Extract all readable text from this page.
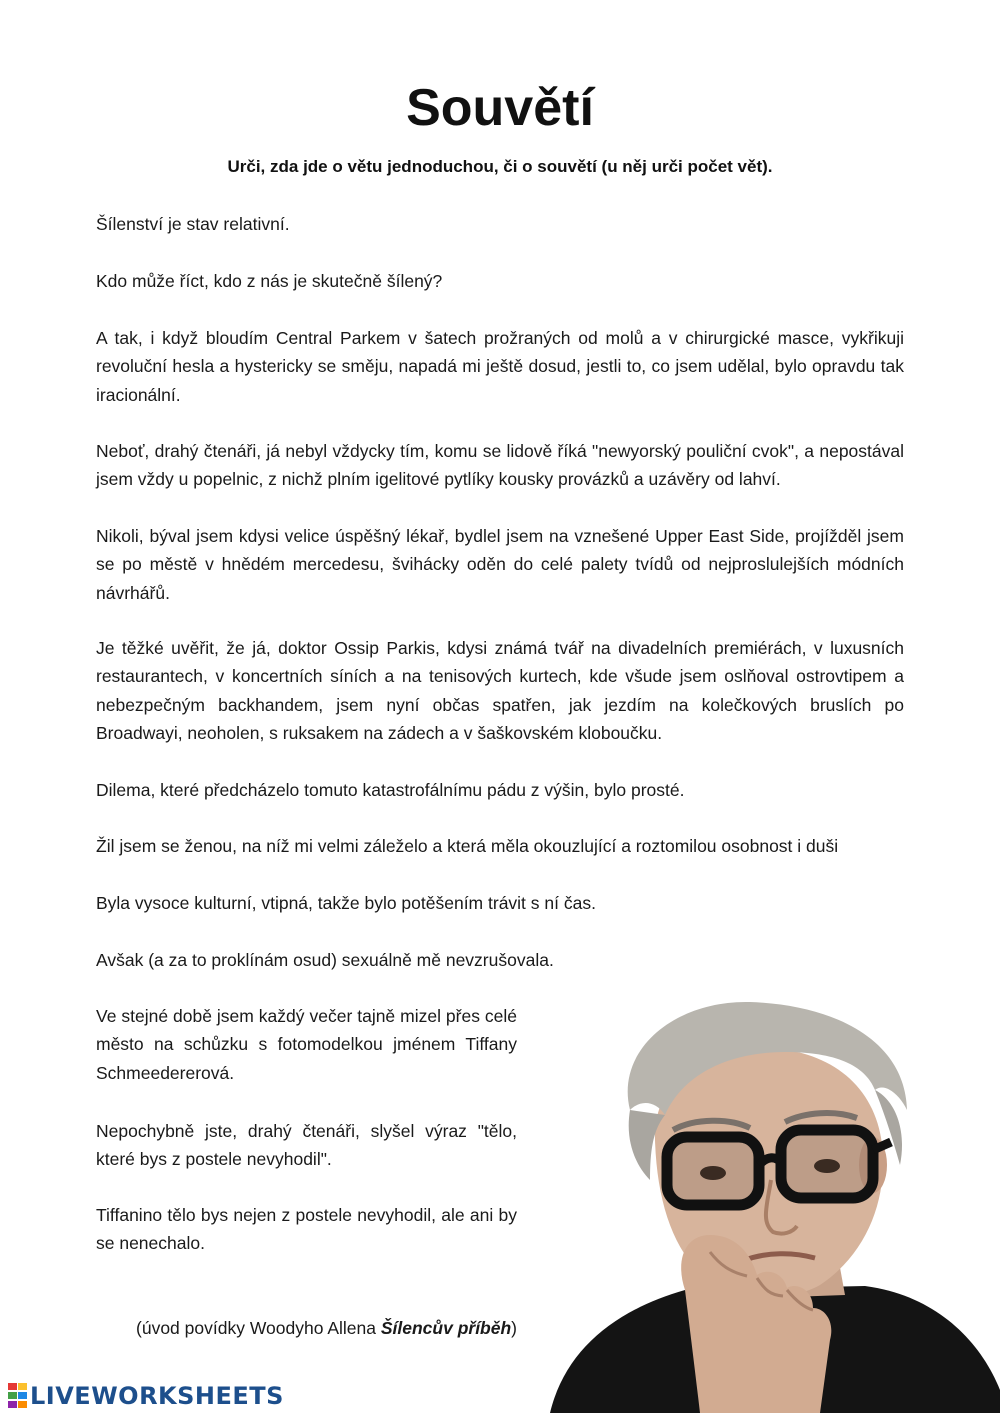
Souvětí
Urči, zda jde o větu jednoduchou, či o souvětí (u něj urči počet vět).

Šílenství je stav relativní.

Kdo může říct, kdo z nás je skutečně šílený?

A tak, i když bloudím Central Parkem v šatech prožraných od molů a v chirurgické masce, vykřikuji revoluční hesla a hystericky se směju, napadá mi ještě dosud, jestli to, co jsem udělal, bylo opravdu tak iracionální.

Neboť, drahý čtenáři, já nebyl vždycky tím, komu se lidově říká "newyorský pouliční cvok", a nepostával jsem vždy u popelnic, z nichž plním igelitové pytlíky kousky provázků a uzávěry od lahví.

Nikoli, býval jsem kdysi velice úspěšný lékař, bydlel jsem na vznešené Upper East Side, projížděl jsem se po městě v hnědém mercedesu, švihácky oděn do celé palety tvídů od nejproslulejších módních návrhářů.

Je těžké uvěřit, že já, doktor Ossip Parkis, kdysi známá tvář na divadelních premiérách, v luxusních restaurantech, v koncertních síních a na tenisových kurtech, kde všude jsem oslňoval ostrovtipem a nebezpečným backhandem, jsem nyní občas spatřen, jak jezdím na kolečkových bruslích po Broadwayi, neoholen, s ruksakem na zádech a v šaškovském kloboučku.

Dilema, které předcházelo tomuto katastrofálnímu pádu z výšin, bylo prosté.

Žil jsem se ženou, na níž mi velmi záleželo a která měla okouzlující a roztomilou osobnost i duši

Byla vysoce kulturní, vtipná, takže bylo potěšením trávit s ní čas.

Avšak (a za to proklínám osud) sexuálně mě nevzrušovala.

Ve stejné době jsem každý večer tajně mizel přes celé město na schůzku s fotomodelkou jménem Tiffany Schmeedererová.

Nepochybně jste, drahý čtenáři, slyšel výraz "tělo, které bys z postele nevyhodil".

Tiffanino tělo bys nejen z postele nevyhodil, ale ani by se nenechalo.

(úvod povídky Woodyho Allena Šílencův příběh)
LIVEWORKSHEETS
